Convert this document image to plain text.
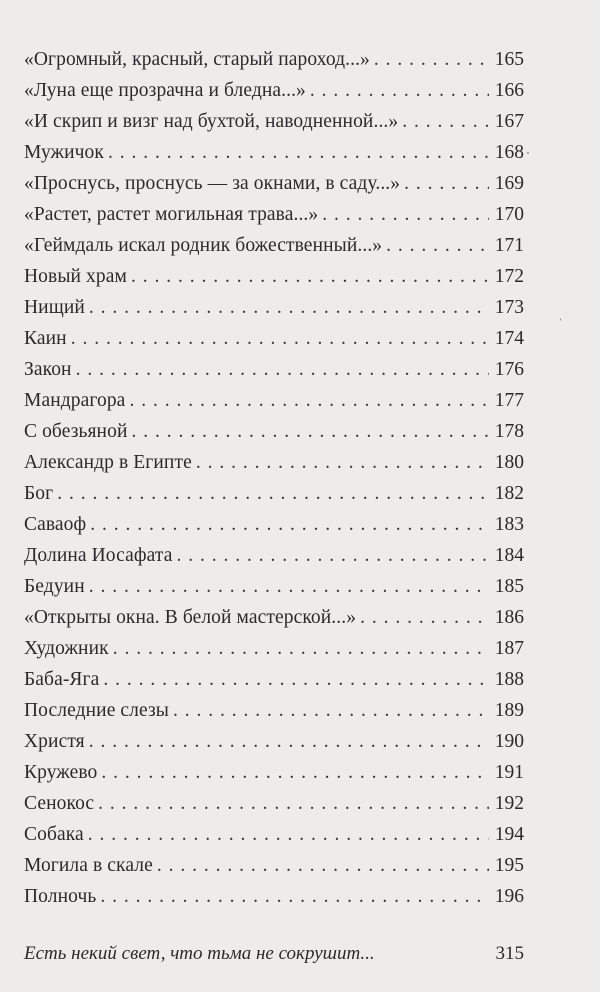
«Огромный, красный, старый пароход...» . . .	165
«Луна еще прозрачна и бледна...» . . .	166
«И скрип и визг над бухтой, наводненной...» . . .	167
Мужичок . . .	168
«Проснусь, проснусь — за окнами, в саду...» . . .	169
«Растет, растет могильная трава...» . . .	170
«Геймдаль искал родник божественный...» . . .	171
Новый храм . . .	172
Нищий . . .	173
Каин . . .	174
Закон . . .	176
Мандрагора . . .	177
С обезьяной . . .	178
Александр в Египте . . .	180
Бог . . .	182
Саваоф . . .	183
Долина Иосафата . . .	184
Бедуин . . .	185
«Открыты окна. В белой мастерской...» . . .	186
Художник . . .	187
Баба-Яга . . .	188
Последние слезы . . .	189
Христя . . .	190
Кружево . . .	191
Сенокос . . .	192
Собака . . .	194
Могила в скале . . .	195
Полночь . . .	196
Есть некий свет, что тьма не сокрушит...	315
